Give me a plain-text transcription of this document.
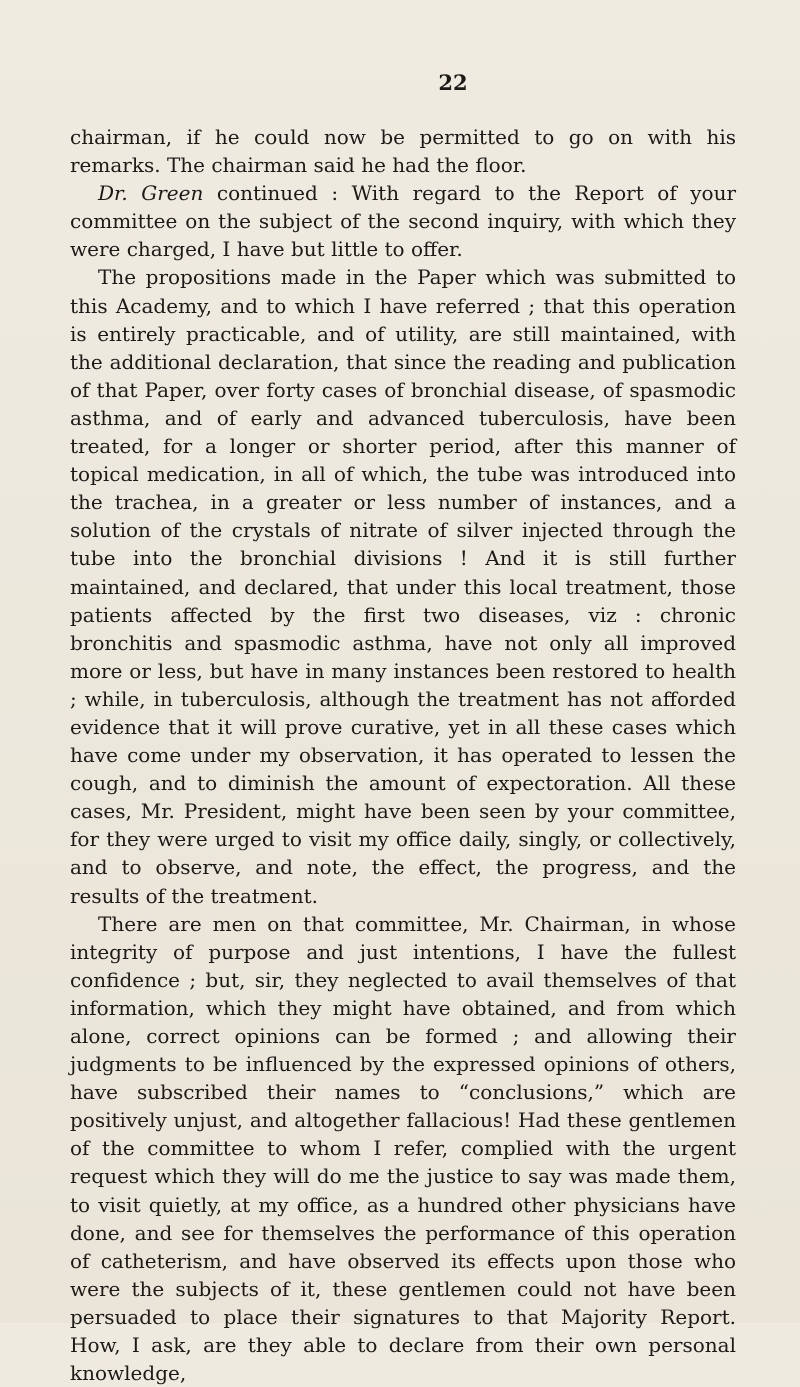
22

chairman, if he could now be permitted to go on with his remarks. The chairman said he had the floor.

Dr. Green continued : With regard to the Report of your committee on the subject of the second inquiry, with which they were charged, I have but little to offer.

The propositions made in the Paper which was submitted to this Academy, and to which I have referred ; that this operation is entirely practicable, and of utility, are still maintained, with the additional declaration, that since the reading and publication of that Paper, over forty cases of bronchial disease, of spasmodic asthma, and of early and advanced tuberculosis, have been treated, for a longer or shorter period, after this manner of topical medication, in all of which, the tube was introduced into the trachea, in a greater or less number of instances, and a solution of the crystals of nitrate of silver injected through the tube into the bronchial divisions ! And it is still further maintained, and declared, that under this local treatment, those patients affected by the first two diseases, viz : chronic bronchitis and spasmodic asthma, have not only all improved more or less, but have in many instances been restored to health ; while, in tuberculosis, although the treatment has not afforded evidence that it will prove curative, yet in all these cases which have come under my observation, it has operated to lessen the cough, and to diminish the amount of expectoration. All these cases, Mr. President, might have been seen by your committee, for they were urged to visit my office daily, singly, or collectively, and to observe, and note, the effect, the progress, and the results of the treatment.

There are men on that committee, Mr. Chairman, in whose integrity of purpose and just intentions, I have the fullest confidence ; but, sir, they neglected to avail themselves of that information, which they might have obtained, and from which alone, correct opinions can be formed ; and allowing their judgments to be influenced by the expressed opinions of others, have subscribed their names to “conclusions,” which are positively unjust, and altogether fallacious! Had these gentlemen of the committee to whom I refer, complied with the urgent request which they will do me the justice to say was made them, to visit quietly, at my office, as a hundred other physicians have done, and see for themselves the performance of this operation of catheterism, and have observed its effects upon those who were the subjects of it, these gentlemen could not have been persuaded to place their signatures to that Majority Report. How, I ask, are they able to declare from their own personal knowledge,
